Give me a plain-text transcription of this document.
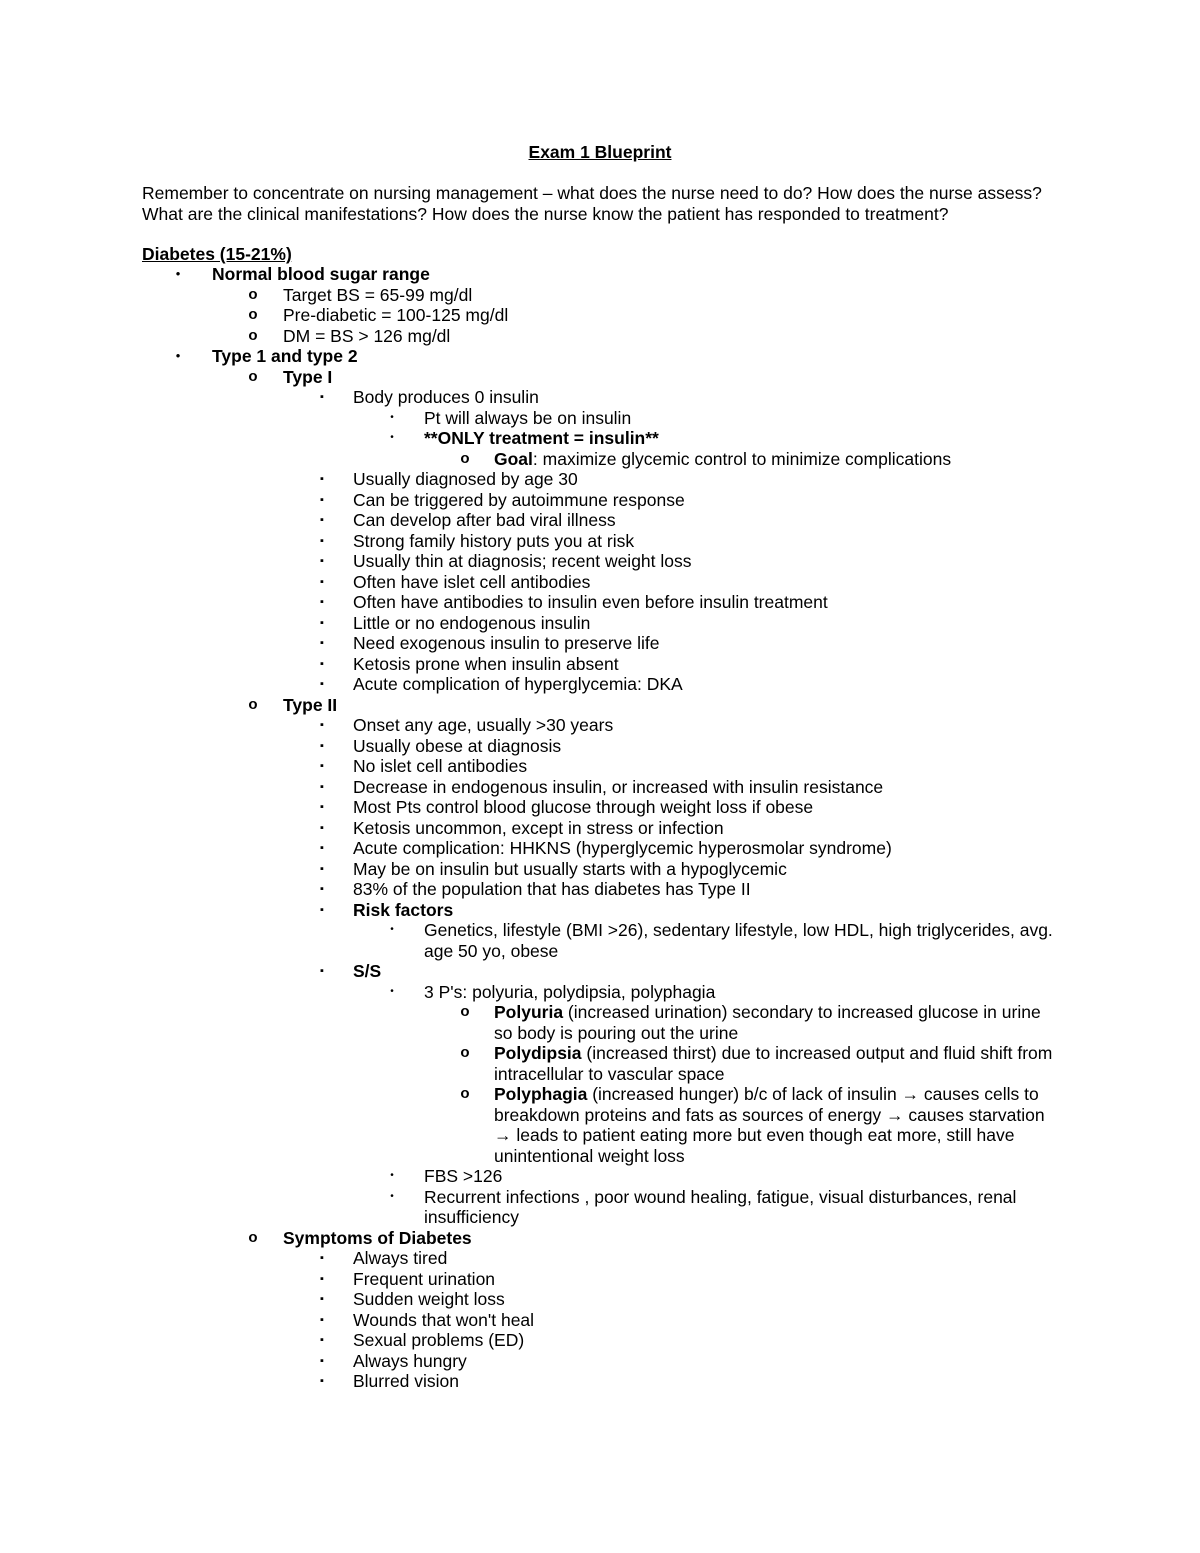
Exam 1 Blueprint
Remember to concentrate on nursing management – what does the nurse need to do? How does the nurse assess? What are the clinical manifestations? How does the nurse know the patient has responded to treatment?
Diabetes (15-21%)
•	Normal blood sugar range
o	Target BS = 65-99 mg/dl
o	Pre-diabetic = 100-125 mg/dl
o	DM = BS > 126 mg/dl
•	Type 1 and type 2
o	Type I
▪	Body produces 0 insulin
•	Pt will always be on insulin
•	**ONLY treatment = insulin**
o	Goal: maximize glycemic control to minimize complications
▪	Usually diagnosed by age 30
▪	Can be triggered by autoimmune response
▪	Can develop after bad viral illness
▪	Strong family history puts you at risk
▪	Usually thin at diagnosis; recent weight loss
▪	Often have islet cell antibodies
▪	Often have antibodies to insulin even before insulin treatment
▪	Little or no endogenous insulin
▪	Need exogenous insulin to preserve life
▪	Ketosis prone when insulin absent
▪	Acute complication of hyperglycemia: DKA
o	Type II
▪	Onset any age, usually >30 years
▪	Usually obese at diagnosis
▪	No islet cell antibodies
▪	Decrease in endogenous insulin, or increased with insulin resistance
▪	Most Pts control blood glucose through weight loss if obese
▪	Ketosis uncommon, except in stress or infection
▪	Acute complication: HHKNS (hyperglycemic hyperosmolar syndrome)
▪	May be on insulin but usually starts with a hypoglycemic
▪	83% of the population that has diabetes has Type II
▪	Risk factors
•	Genetics, lifestyle (BMI >26), sedentary lifestyle, low HDL, high triglycerides, avg. age 50 yo, obese
▪	S/S
•	3 P's: polyuria, polydipsia, polyphagia
o	Polyuria (increased urination) secondary to increased glucose in urine so body is pouring out the urine
o	Polydipsia (increased thirst) due to increased output and fluid shift from intracellular to vascular space
o	Polyphagia (increased hunger) b/c of lack of insulin → causes cells to breakdown proteins and fats as sources of energy → causes starvation → leads to patient eating more but even though eat more, still have unintentional weight loss
•	FBS >126
•	Recurrent infections , poor wound healing, fatigue, visual disturbances, renal insufficiency
o	Symptoms of Diabetes
▪	Always tired
▪	Frequent urination
▪	Sudden weight loss
▪	Wounds that won't heal
▪	Sexual problems (ED)
▪	Always hungry
▪	Blurred vision
